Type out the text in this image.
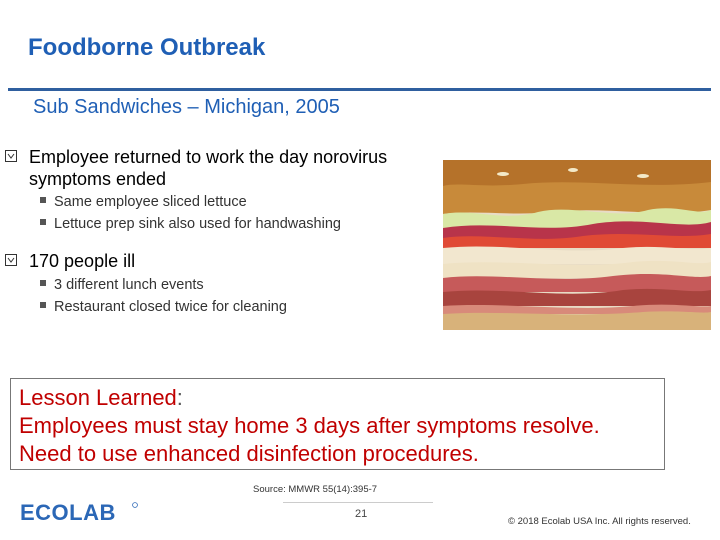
Foodborne Outbreak
Sub Sandwiches – Michigan, 2005
Employee returned to work the day norovirus
symptoms ended
Same employee sliced lettuce
Lettuce prep sink also used for handwashing
170 people ill
3 different lunch events
Restaurant closed twice for cleaning
Lesson Learned:
Employees must stay home 3 days after symptoms resolve.
Need to use enhanced disinfection procedures.
Source: MMWR 55(14):395-7
ECOLAB	21
© 2018 Ecolab USA Inc. All rights reserved.
